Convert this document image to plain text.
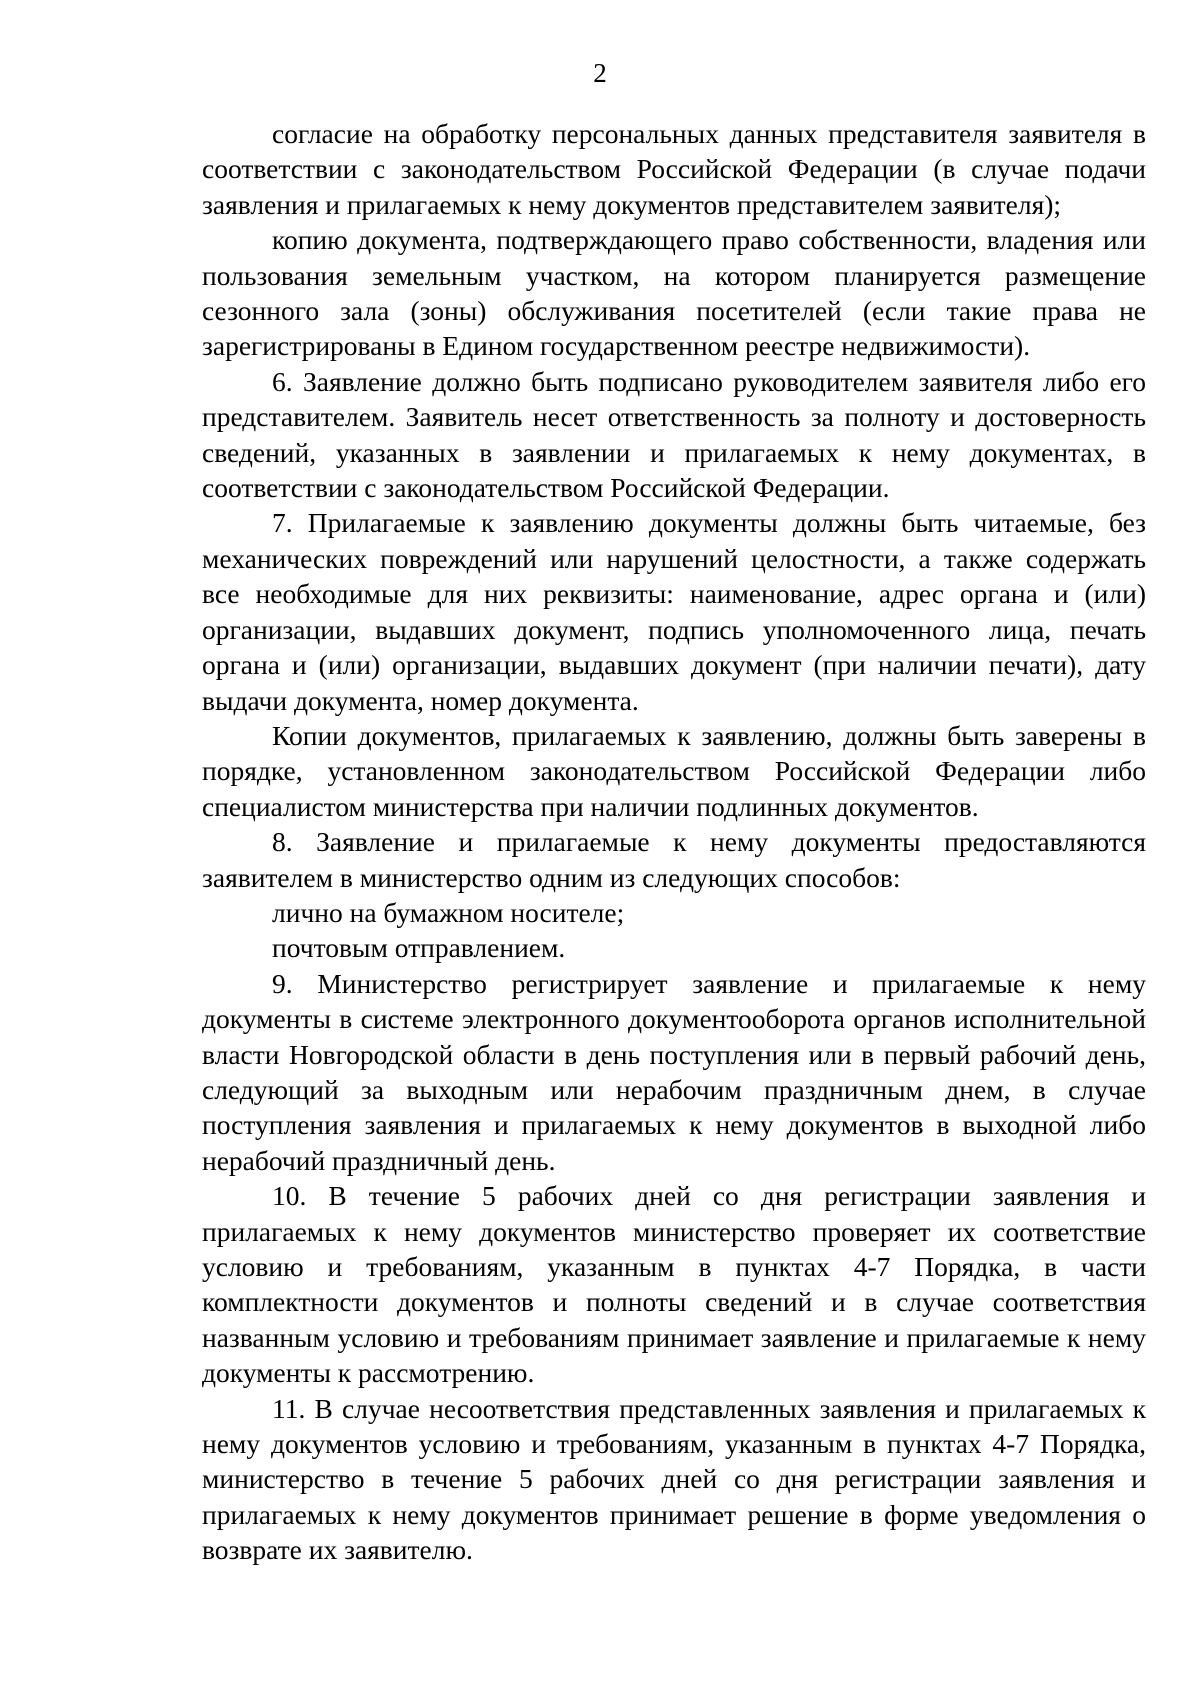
2

согласие на обработку персональных данных представителя заявителя в соответствии с законодательством Российской Федерации (в случае подачи заявления и прилагаемых к нему документов представителем заявителя);

копию документа, подтверждающего право собственности, владения или пользования земельным участком, на котором планируется размещение сезонного зала (зоны) обслуживания посетителей (если такие права не зарегистрированы в Едином государственном реестре недвижимости).

6. Заявление должно быть подписано руководителем заявителя либо его представителем. Заявитель несет ответственность за полноту и достоверность сведений, указанных в заявлении и прилагаемых к нему документах, в соответствии с законодательством Российской Федерации.

7. Прилагаемые к заявлению документы должны быть читаемые, без механических повреждений или нарушений целостности, а также содержать все необходимые для них реквизиты: наименование, адрес органа и (или) организации, выдавших документ, подпись уполномоченного лица, печать органа и (или) организации, выдавших документ (при наличии печати), дату выдачи документа, номер документа.

Копии документов, прилагаемых к заявлению, должны быть заверены в порядке, установленном законодательством Российской Федерации либо специалистом министерства при наличии подлинных документов.

8. Заявление и прилагаемые к нему документы предоставляются заявителем в министерство одним из следующих способов:

лично на бумажном носителе;

почтовым отправлением.

9. Министерство регистрирует заявление и прилагаемые к нему документы в системе электронного документооборота органов исполнительной власти Новгородской области в день поступления или в первый рабочий день, следующий за выходным или нерабочим праздничным днем, в случае поступления заявления и прилагаемых к нему документов в выходной либо нерабочий праздничный день.

10. В течение 5 рабочих дней со дня регистрации заявления и прилагаемых к нему документов министерство проверяет их соответствие условию и требованиям, указанным в пунктах 4-7 Порядка, в части комплектности документов и полноты сведений и в случае соответствия названным условию и требованиям принимает заявление и прилагаемые к нему документы к рассмотрению.

11. В случае несоответствия представленных заявления и прилагаемых к нему документов условию и требованиям, указанным в пунктах 4-7 Порядка, министерство в течение 5 рабочих дней со дня регистрации заявления и прилагаемых к нему документов принимает решение в форме уведомления о возврате их заявителю.
